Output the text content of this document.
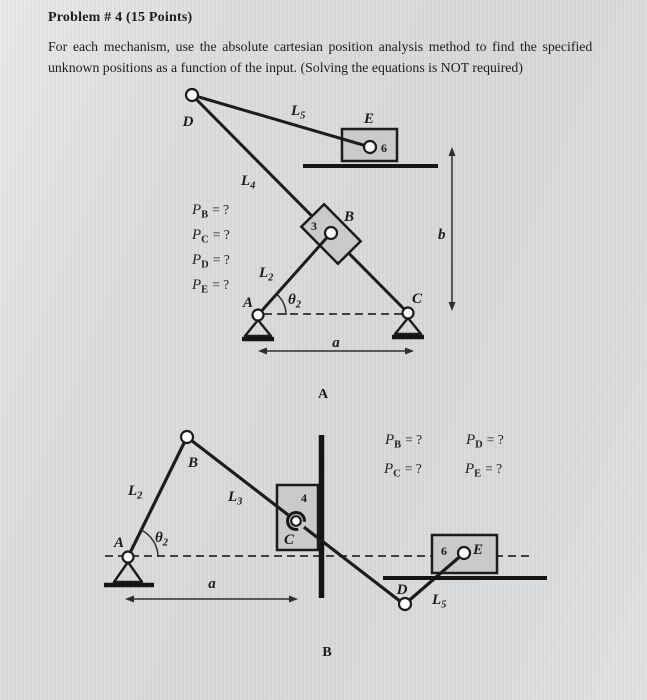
Problem # 4 (15 Points)
For each mechanism, use the absolute cartesian position analysis method to find the specified
unknown positions as a function of the input. (Solving the equations is NOT required)
D
$L_5$	E
6
$L_4$
3
B
b
$L_2$
$\theta_2$
A	C
a
$P_B$ = ?
$P_C$ = ?
$P_D$ = ?
$P_E$ = ?
A
B
$L_2$
A $\theta_2$
$L_3$	4
C
a	D
$L_5$
6 E
$P_B$ = ?	$P_D$ = ?
$P_C$ = ?	$P_E$ = ?
B
